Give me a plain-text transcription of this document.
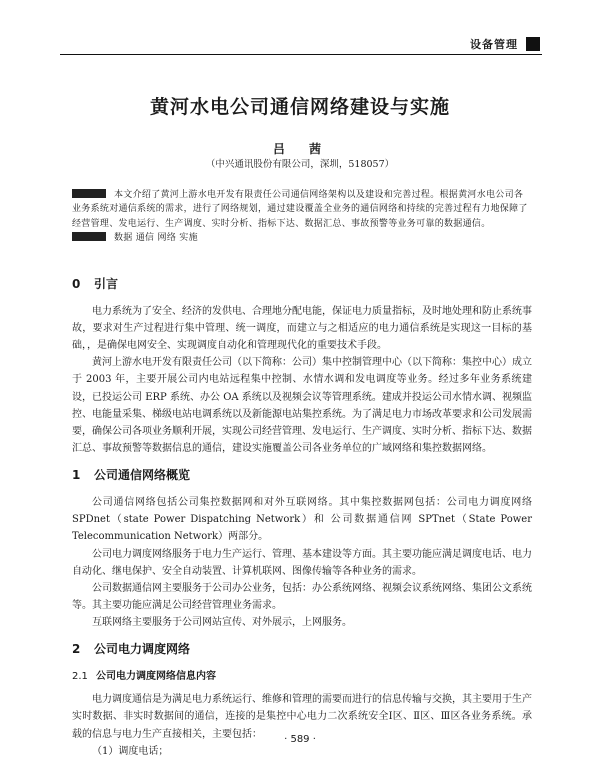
设备管理
黄河水电公司通信网络建设与实施
吕　茜
（中兴通讯股份有限公司，深圳，518057）
本文介绍了黄河上游水电开发有限责任公司通信网络架构以及建设和完善过程。根据黄河水电公司各业务系统对通信系统的需求，进行了网络规划，通过建设覆盖全业务的通信网络和持续的完善过程有力地保障了经营管理、发电运行、生产调度、实时分析、指标下达、数据汇总、事故预警等业务可靠的数据通信。
数据 通信 网络 实施
0 引言

电力系统为了安全、经济的发供电、合理地分配电能，保证电力质量指标，及时地处理和防止系统事故，要求对生产过程进行集中管理、统一调度，而建立与之相适应的电力通信系统是实现这一目标的基础，，是确保电网安全、实现调度自动化和管理现代化的重要技术手段。

黄河上游水电开发有限责任公司（以下简称：公司）集中控制管理中心（以下简称：集控中心）成立于 2003 年，主要开展公司内电站远程集中控制、水情水调和发电调度等业务。经过多年业务系统建设，已投运公司 ERP 系统、办公 OA 系统以及视频会议等管理系统。建成并投运公司水情水调、视频监控、电能量采集、梯级电站电调系统以及新能源电站集控系统。为了满足电力市场改革要求和公司发展需要，确保公司各项业务顺利开展，实现公司经营管理、发电运行、生产调度、实时分析、指标下达、数据汇总、事故预警等数据信息的通信，建设实施覆盖公司各业务单位的广域网络和集控数据网络。

1 公司通信网络概览

公司通信网络包括公司集控数据网和对外互联网络。其中集控数据网包括：公司电力调度网络 SPDnet（state Power Dispatching Network）和 公司数据通信网 SPTnet（State Power Telecommunication Network）两部分。

公司电力调度网络服务于电力生产运行、管理、基本建设等方面。其主要功能应满足调度电话、电力自动化、继电保护、安全自动装置、计算机联网、图像传输等各种业务的需求。

公司数据通信网主要服务于公司办公业务，包括：办公系统网络、视频会议系统网络、集团公文系统等。其主要功能应满足公司经营管理业务需求。

互联网络主要服务于公司网站宣传、对外展示，上网服务。

2 公司电力调度网络
2.1 公司电力调度网络信息内容

电力调度通信是为满足电力系统运行、维修和管理的需要而进行的信息传输与交换，其主要用于生产实时数据、非实时数据间的通信，连接的是集控中心电力二次系统安全Ⅰ区、Ⅱ区、Ⅲ区各业务系统。承载的信息与电力生产直接相关，主要包括：

（1）调度电话；

· 589 ·
